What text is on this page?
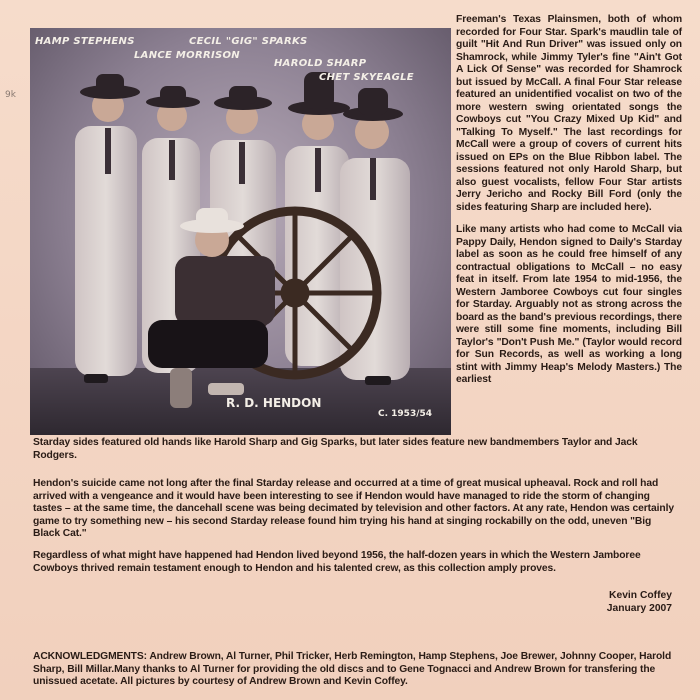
9k
HAMP STEPHENS	CECIL "GIG" SPARKS
LANCE MORRISON
HAROLD SHARP
CHET SKYEAGLE
R. D. HENDON
C. 1953/54

Freeman's Texas Plainsmen, both of whom recorded for Four Star. Spark's maudlin tale of guilt "Hit And Run Driver" was issued only on Shamrock, while Jimmy Tyler's fine "Ain't Got A Lick Of Sense" was recorded for Shamrock but issued by McCall. A final Four Star release featured an unidentified vocalist on two of the more western swing orientated songs the Cowboys cut "You Crazy Mixed Up Kid" and "Talking To Myself." The last recordings for McCall were a group of covers of current hits issued on EPs on the Blue Ribbon label. The sessions featured not only Harold Sharp, but also guest vocalists, fellow Four Star artists Jerry Jericho and Rocky Bill Ford (only the sides featuring Sharp are included here).

Like many artists who had come to McCall via Pappy Daily, Hendon signed to Daily's Starday label as soon as he could free himself of any contractual obligations to McCall – no easy feat in itself. From late 1954 to mid-1956, the Western Jamboree Cowboys cut four singles for Starday. Arguably not as strong across the board as the band's previous recordings, there were still some fine moments, including Bill Taylor's "Don't Push Me." (Taylor would record for Sun Records, as well as working a long stint with Jimmy Heap's Melody Masters.) The earliest

Starday sides featured old hands like Harold Sharp and Gig Sparks, but later sides feature new bandmembers Taylor and Jack Rodgers.
Hendon's suicide came not long after the final Starday release and occurred at a time of great musical upheaval. Rock and roll had arrived with a vengeance and it would have been interesting to see if Hendon would have managed to ride the storm of changing tastes – at the same time, the dancehall scene was being decimated by television and other factors. At any rate, Hendon was certainly game to try something new – his second Starday release found him trying his hand at singing rockabilly on the odd, uneven "Big Black Cat."
Regardless of what might have happened had Hendon lived beyond 1956, the half-dozen years in which the Western Jamboree Cowboys thrived remain testament enough to Hendon and his talented crew, as this collection amply proves.
Kevin Coffey
January 2007
ACKNOWLEDGMENTS: Andrew Brown, Al Turner, Phil Tricker, Herb Remington, Hamp Stephens, Joe Brewer, Johnny Cooper, Harold Sharp, Bill Millar.Many thanks to Al Turner for providing the old discs and to Gene Tognacci and Andrew Brown for transfering the unissued acetate. All pictures by courtesy of Andrew Brown and Kevin Coffey.
